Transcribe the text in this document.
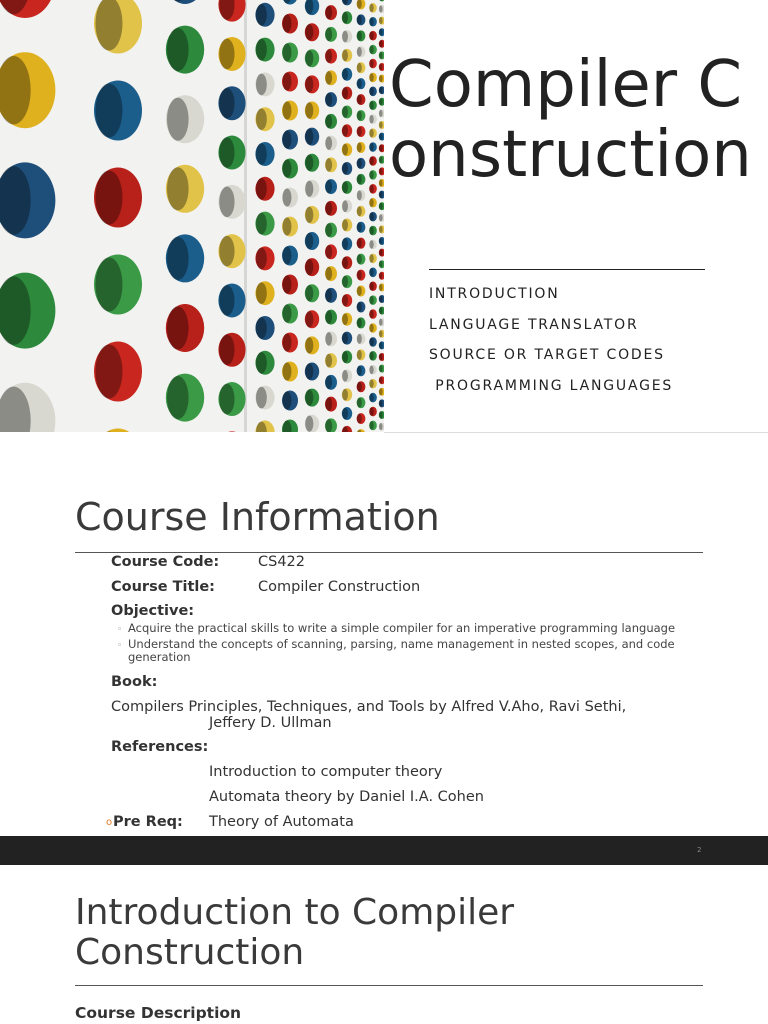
Compiler Construction
INTRODUCTION
LANGUAGE TRANSLATOR
SOURCE OR TARGET CODES
PROGRAMMING LANGUAGES
Course Information
Course Code:	CS422
Course Title:	Compiler Construction
Objective:
◦ Acquire the practical skills to write a simple compiler for an imperative programming language
◦ Understand the concepts of scanning, parsing, name management in nested scopes, and code generation
Book:
Compilers Principles, Techniques, and Tools by Alfred V.Aho, Ravi Sethi,
Jeffery D. Ullman
References:
Introduction to computer theory
Automata theory by Daniel I.A. Cohen
o Pre Req: Theory of Automata
2
Introduction to Compiler Construction
Course Description
